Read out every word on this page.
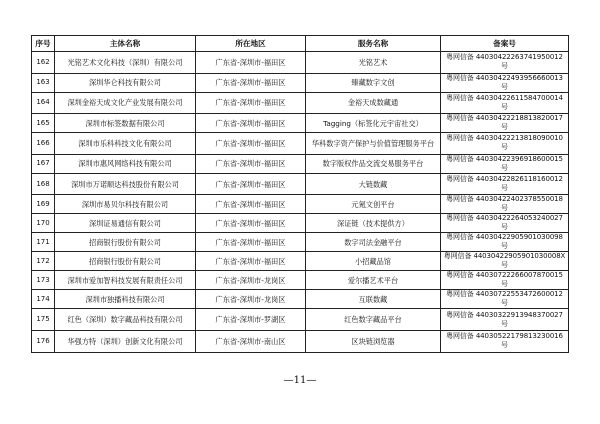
序号	主体名称	所在地区	服务名称	备案号
162	光铭艺术文化科技（深圳）有限公司	广东省-深圳市-福田区	光铭艺术	粤网信备 44030422263741950012 号
163	深圳华仑科技有限公司	广东省-深圳市-福田区	臻藏数字文创	粤网信备 44030422493956660013 号
164	深圳金裕天成文化产业发展有限公司	广东省-深圳市-福田区	金裕天成数藏通	粤网信备 44030422611584700014 号
165	深圳市标签数据有限公司	广东省-深圳市-福田区	Tagging（标签化元宇宙社交）	粤网信备 44030422218813820017 号
166	深圳市乐科科技文化有限公司	广东省-深圳市-福田区	华科数字资产保护与价值管理服务平台	粤网信备 44030422213818090010 号
167	深圳市惠风网络科技有限公司	广东省-深圳市-福田区	数字版权作品交流交易服务平台	粤网信备 44030422396918600015 号
168	深圳市万诺顺达科技股份有限公司	广东省-深圳市-福田区	大链数藏	粤网信备 44030422826118160012 号
169	深圳市易贝尔科技有限公司	广东省-深圳市-福田区	元氪文创平台	粤网信备 44030422402378550018 号
170	深圳证易通信有限公司	广东省-深圳市-福田区	深证链（技术提供方）	粤网信备 44030422264053240027 号
171	招商银行股份有限公司	广东省-深圳市-福田区	数字司法金融平台	粤网信备 44030422905901030098 号
172	招商银行股份有限公司	广东省-深圳市-福田区	小招藏品馆	粤网信备 44030422905901030008X 号
173	深圳市爱加智科技发展有限责任公司	广东省-深圳市-龙岗区	爱尔播艺术平台	粤网信备 44030722266007870015 号
174	深圳市独播科技有限公司	广东省-深圳市-龙岗区	互联数藏	粤网信备 44030722553472600012 号
175	红色（深圳）数字藏品科技有限公司	广东省-深圳市-罗湖区	红色数字藏品平台	粤网信备 44030322913948370027 号
176	华强方特（深圳）创新文化有限公司	广东省-深圳市-南山区	区块链浏览器	粤网信备 44030522179813230016 号
—11—
